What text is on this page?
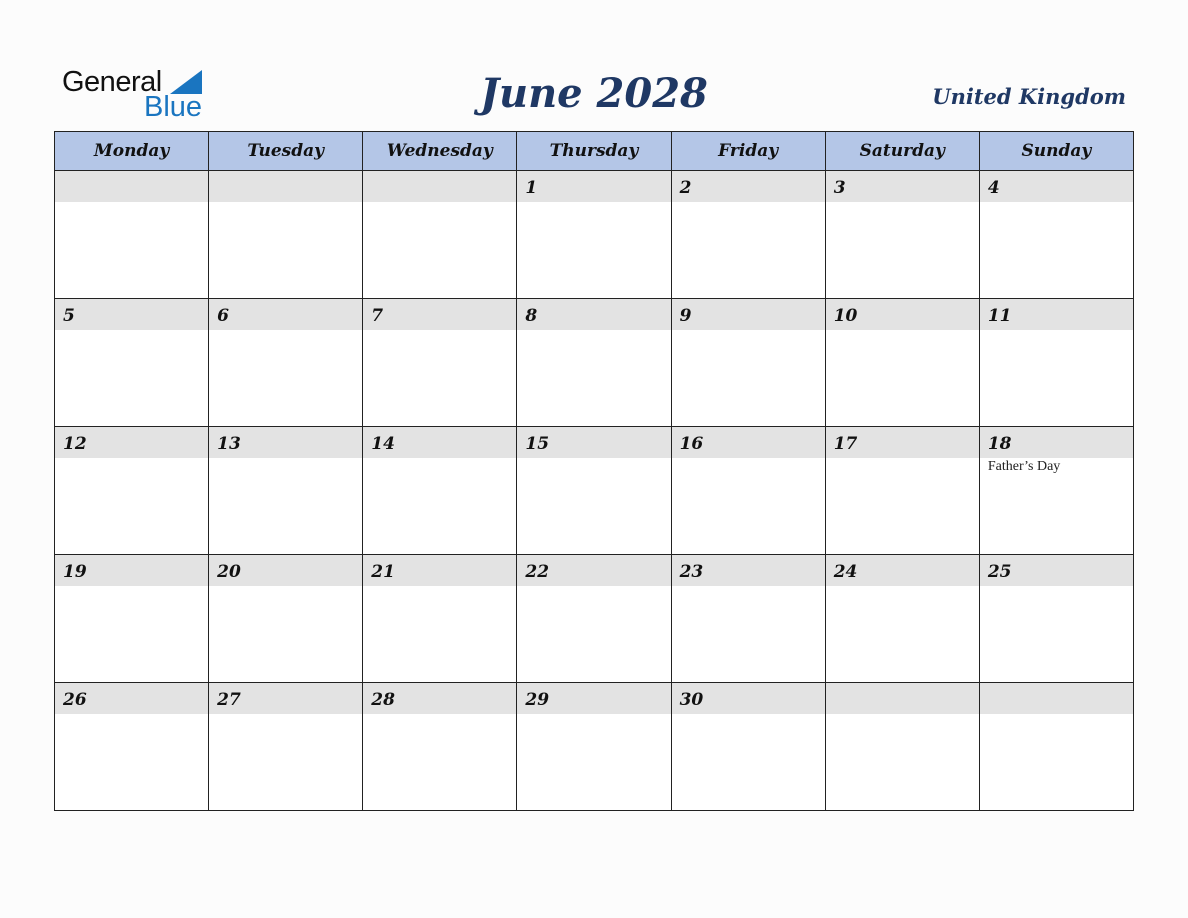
General
Blue	June 2028	United Kingdom
Monday	Tuesday	Wednesday	Thursday	Friday	Saturday	Sunday

			1	2	3	4

5	6	7	8	9	10	11

12	13	14	15	16	17	18
Father’s Day

19	20	21	22	23	24	25

26	27	28	29	30		
